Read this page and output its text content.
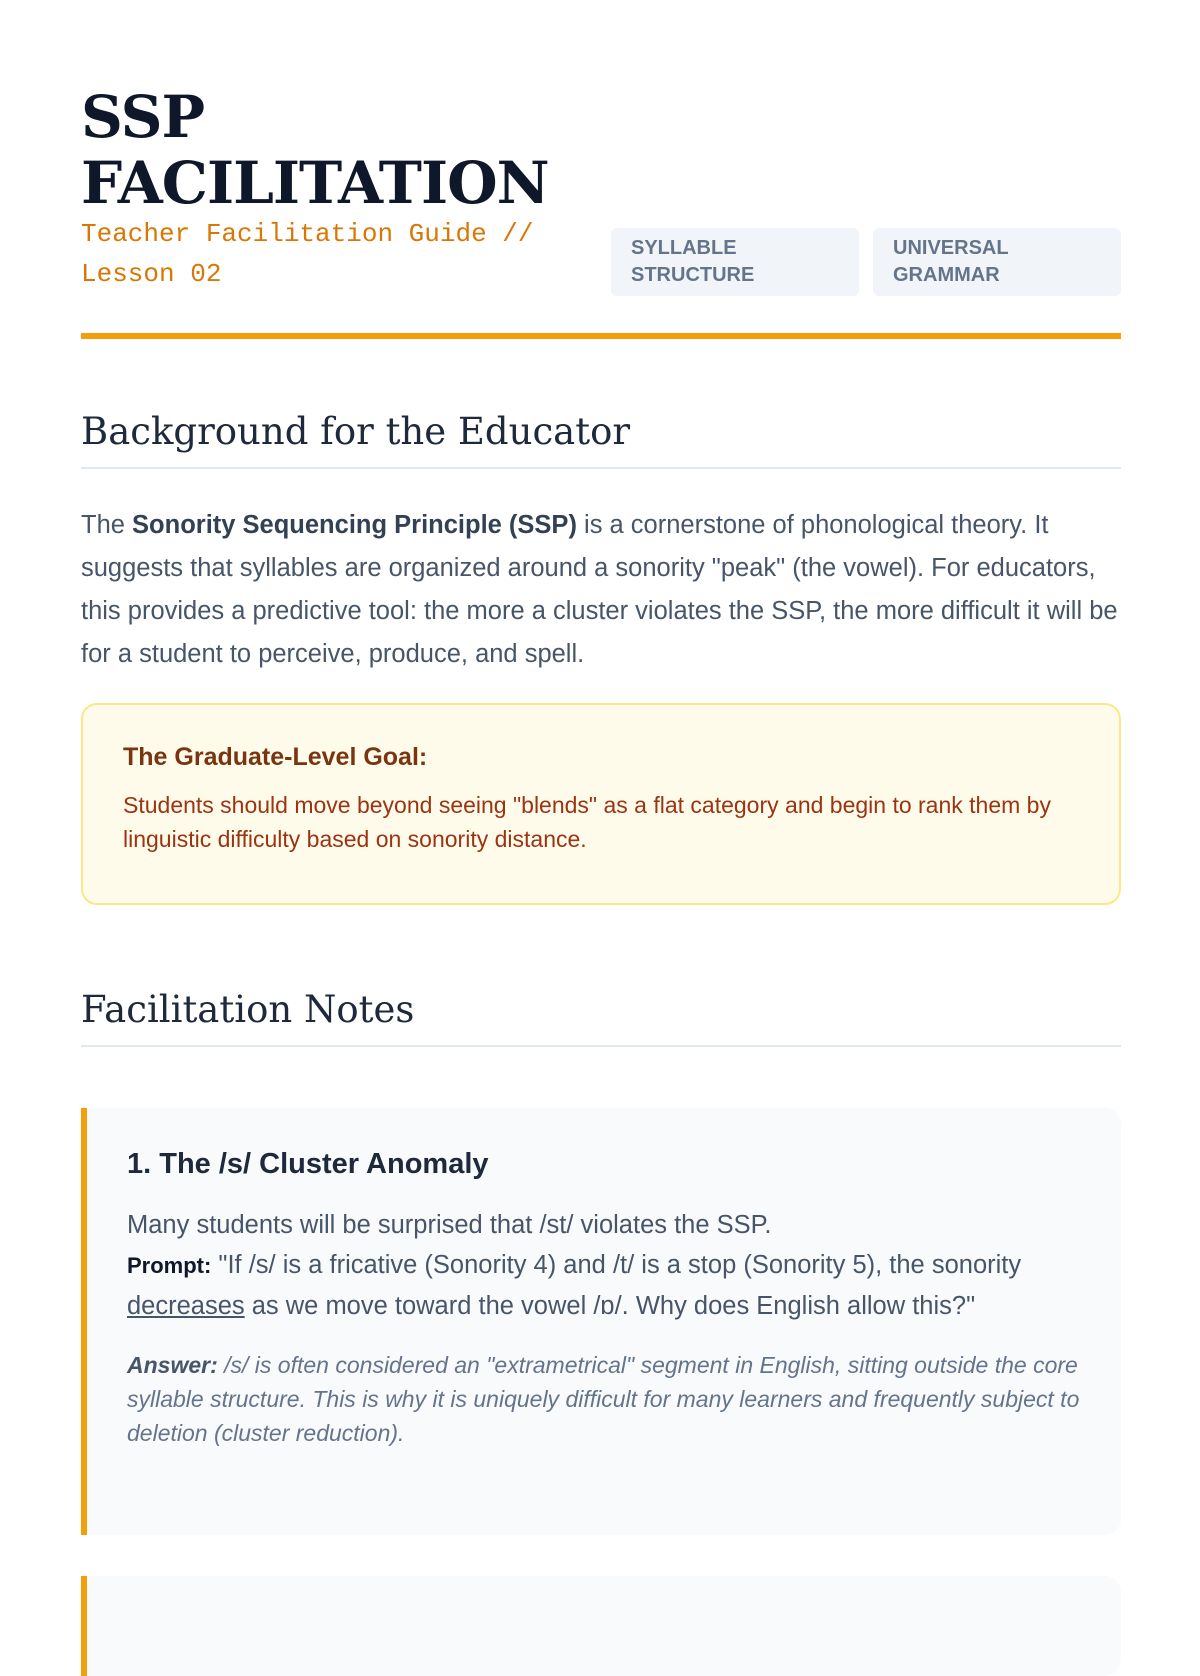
SSP
FACILITATION
Teacher Facilitation Guide // Lesson 02
SYLLABLE STRUCTURE
UNIVERSAL GRAMMAR
Background for the Educator

The Sonority Sequencing Principle (SSP) is a cornerstone of phonological theory. It suggests that syllables are organized around a sonority "peak" (the vowel). For educators, this provides a predictive tool: the more a cluster violates the SSP, the more difficult it will be for a student to perceive, produce, and spell.

The Graduate-Level Goal:

Students should move beyond seeing "blends" as a flat category and begin to rank them by linguistic difficulty based on sonority distance.

Facilitation Notes
1. The /s/ Cluster Anomaly

Many students will be surprised that /st/ violates the SSP.

Prompt: "If /s/ is a fricative (Sonority 4) and /t/ is a stop (Sonority 5), the sonority decreases as we move toward the vowel /ɒ/. Why does English allow this?"

Answer: /s/ is often considered an "extrametrical" segment in English, sitting outside the core syllable structure. This is why it is uniquely difficult for many learners and frequently subject to deletion (cluster reduction).
